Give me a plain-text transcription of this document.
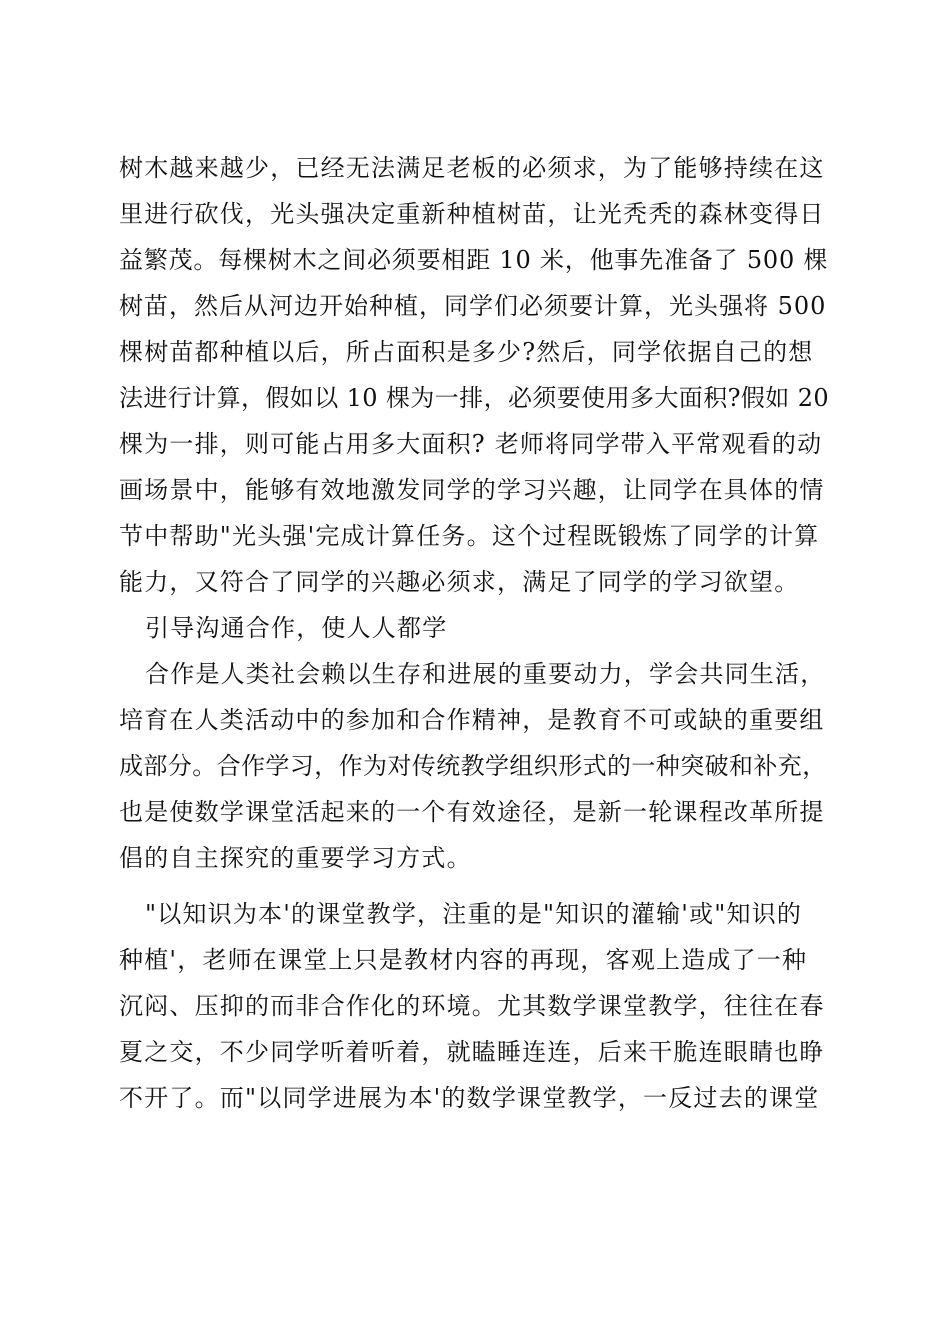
树木越来越少，已经无法满足老板的必须求，为了能够持续在这
里进行砍伐，光头强决定重新种植树苗，让光秃秃的森林变得日
益繁茂。每棵树木之间必须要相距 10 米，他事先准备了 500 棵
树苗，然后从河边开始种植，同学们必须要计算，光头强将 500
棵树苗都种植以后，所占面积是多少?然后，同学依据自己的想
法进行计算，假如以 10 棵为一排，必须要使用多大面积?假如 20
棵为一排，则可能占用多大面积? 老师将同学带入平常观看的动
画场景中，能够有效地激发同学的学习兴趣，让同学在具体的情
节中帮助"光头强'完成计算任务。这个过程既锻炼了同学的计算
能力，又符合了同学的兴趣必须求，满足了同学的学习欲望。
引导沟通合作，使人人都学
合作是人类社会赖以生存和进展的重要动力，学会共同生活，
培育在人类活动中的参加和合作精神，是教育不可或缺的重要组
成部分。合作学习，作为对传统教学组织形式的一种突破和补充，
也是使数学课堂活起来的一个有效途径，是新一轮课程改革所提
倡的自主探究的重要学习方式。
"以知识为本'的课堂教学，注重的是"知识的灌输'或"知识的
种植'，老师在课堂上只是教材内容的再现，客观上造成了一种
沉闷、压抑的而非合作化的环境。尤其数学课堂教学，往往在春
夏之交，不少同学听着听着，就瞌睡连连，后来干脆连眼睛也睁
不开了。而"以同学进展为本'的数学课堂教学，一反过去的课堂
